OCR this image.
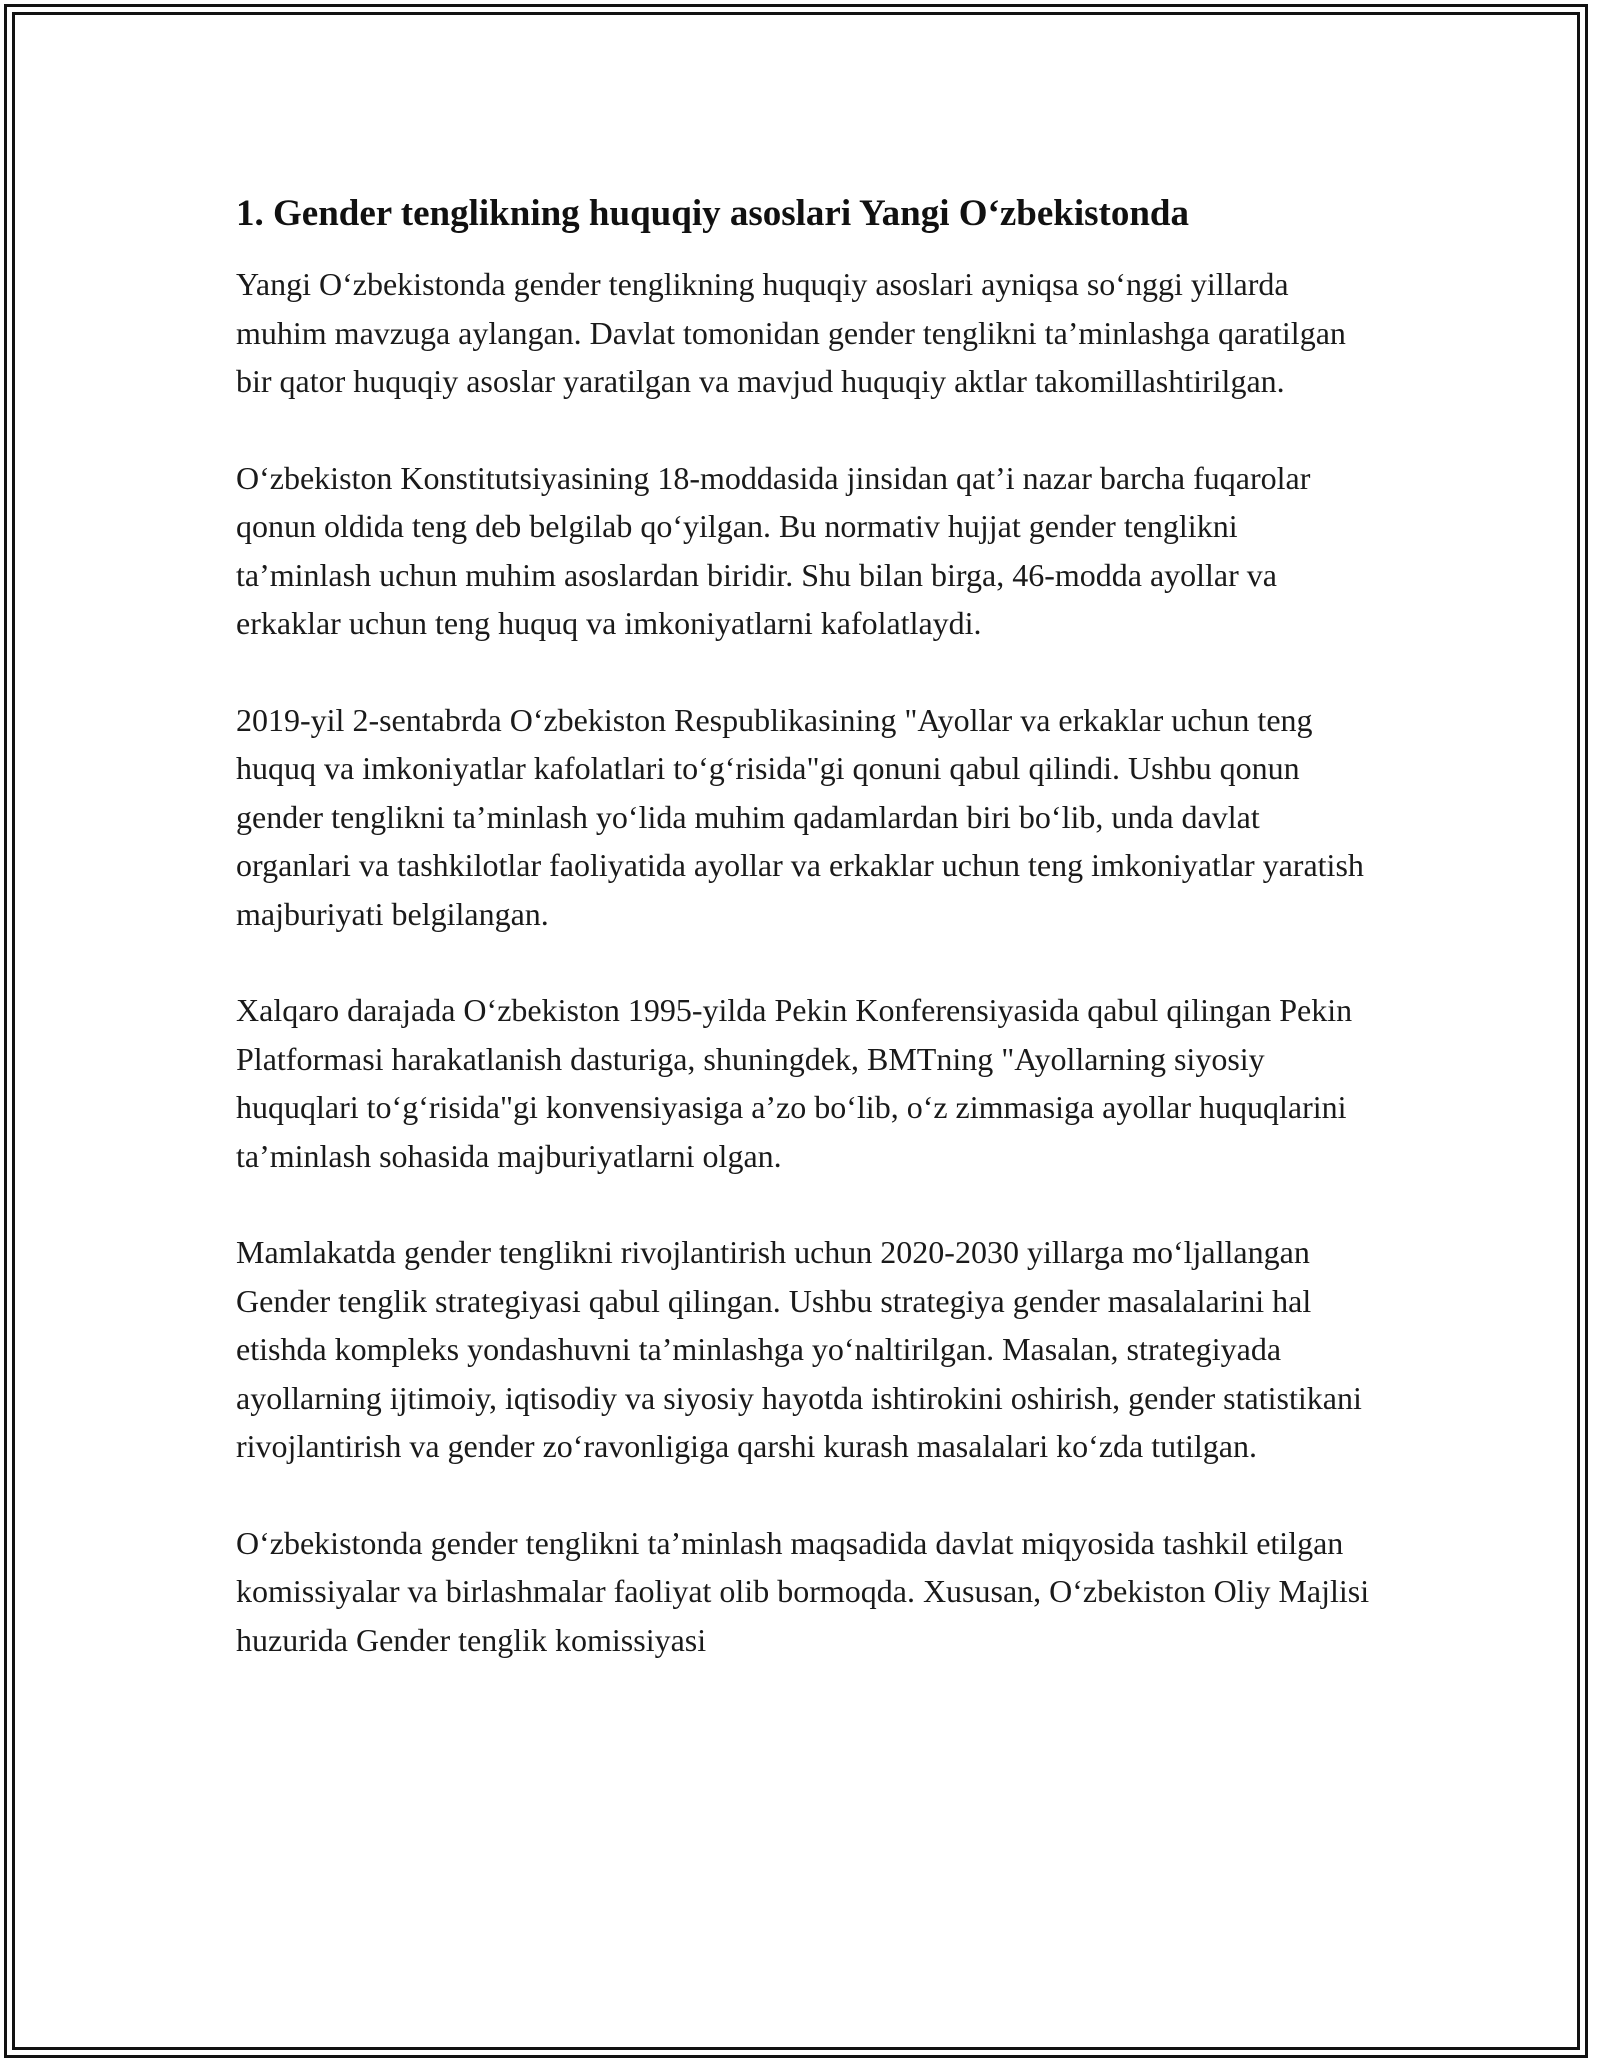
1. Gender tenglikning huquqiy asoslari Yangi O‘zbekistonda

Yangi O‘zbekistonda gender tenglikning huquqiy asoslari ayniqsa so‘nggi yillarda muhim mavzuga aylangan. Davlat tomonidan gender tenglikni ta’minlashga qaratilgan bir qator huquqiy asoslar yaratilgan va mavjud huquqiy aktlar takomillashtirilgan.

O‘zbekiston Konstitutsiyasining 18-moddasida jinsidan qat’i nazar barcha fuqarolar qonun oldida teng deb belgilab qo‘yilgan. Bu normativ hujjat gender tenglikni ta’minlash uchun muhim asoslardan biridir. Shu bilan birga, 46-modda ayollar va erkaklar uchun teng huquq va imkoniyatlarni kafolatlaydi.

2019-yil 2-sentabrda O‘zbekiston Respublikasining "Ayollar va erkaklar uchun teng huquq va imkoniyatlar kafolatlari to‘g‘risida"gi qonuni qabul qilindi. Ushbu qonun gender tenglikni ta’minlash yo‘lida muhim qadamlardan biri bo‘lib, unda davlat organlari va tashkilotlar faoliyatida ayollar va erkaklar uchun teng imkoniyatlar yaratish majburiyati belgilangan.

Xalqaro darajada O‘zbekiston 1995-yilda Pekin Konferensiyasida qabul qilingan Pekin Platformasi harakatlanish dasturiga, shuningdek, BMTning "Ayollarning siyosiy huquqlari to‘g‘risida"gi konvensiyasiga a’zo bo‘lib, o‘z zimmasiga ayollar huquqlarini ta’minlash sohasida majburiyatlarni olgan.

Mamlakatda gender tenglikni rivojlantirish uchun 2020-2030 yillarga mo‘ljallangan Gender tenglik strategiyasi qabul qilingan. Ushbu strategiya gender masalalarini hal etishda kompleks yondashuvni ta’minlashga yo‘naltirilgan. Masalan, strategiyada ayollarning ijtimoiy, iqtisodiy va siyosiy hayotda ishtirokini oshirish, gender statistikani rivojlantirish va gender zo‘ravonligiga qarshi kurash masalalari ko‘zda tutilgan.

O‘zbekistonda gender tenglikni ta’minlash maqsadida davlat miqyosida tashkil etilgan komissiyalar va birlashmalar faoliyat olib bormoqda. Xususan, O‘zbekiston Oliy Majlisi huzurida Gender tenglik komissiyasi
